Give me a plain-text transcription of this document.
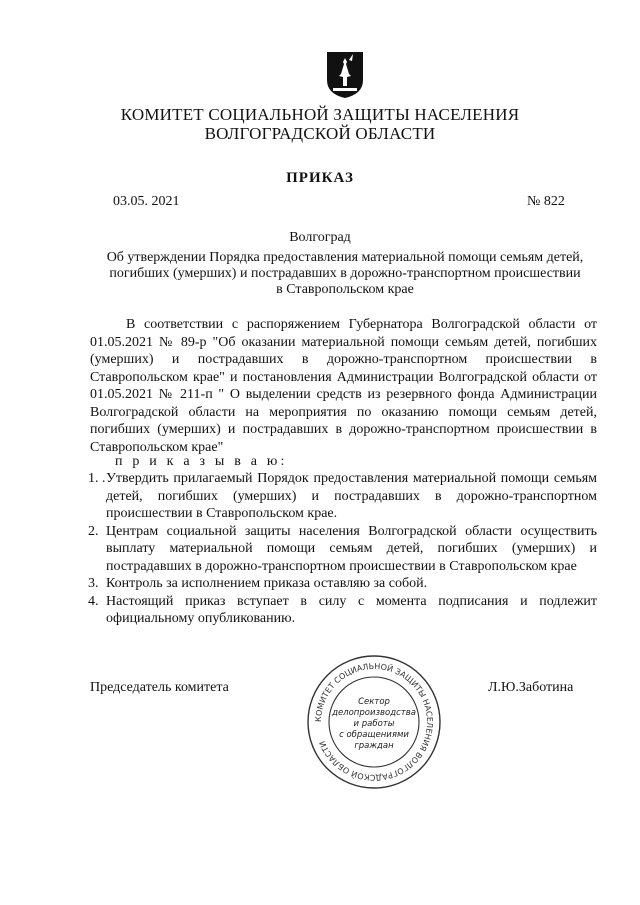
КОМИТЕТ СОЦИАЛЬНОЙ ЗАЩИТЫ НАСЕЛЕНИЯ
ВОЛГОГРАДСКОЙ ОБЛАСТИ
ПРИКАЗ
03.05. 2021	№ 822
Волгоград
Об утверждении Порядка предоставления материальной помощи семьям детей, погибших (умерших) и пострадавших в дорожно-транспортном происшествии в Ставропольском крае

В соответствии с распоряжением Губернатора Волгоградской области от 01.05.2021 № 89-р "Об оказании материальной помощи семьям детей, погибших (умерших) и пострадавших в дорожно-транспортном происшествии в Ставропольском крае" и постановления Администрации Волгоградской области от 01.05.2021 № 211-п " О выделении средств из резервного фонда Администрации Волгоградской области на мероприятия по оказанию помощи семьям детей, погибших (умерших) и пострадавших в дорожно-транспортном происшествии в Ставропольском крае"

п р и к а з ы в а ю:
1. . Утвердить прилагаемый Порядок предоставления материальной помощи семьям детей, погибших (умерших) и пострадавших в дорожно-транспортном происшествии в Ставропольском крае.
2. Центрам социальной защиты населения Волгоградской области осуществить выплату материальной помощи семьям детей, погибших (умерших) и пострадавших в дорожно-транспортном происшествии в Ставропольском крае
3. Контроль за исполнением приказа оставляю за собой.
4. Настоящий приказ вступает в силу с момента подписания и подлежит официальному опубликованию.
Председатель комитета	Л.Ю.Заботина
КОМИТЕТ СОЦИАЛЬНОЙ ЗАЩИТЫ НАСЕЛЕНИЯ ВОЛГОГРАДСКОЙ ОБЛАСТИ
Сектор
делопроизводства
и работы
с обращениями
граждан
